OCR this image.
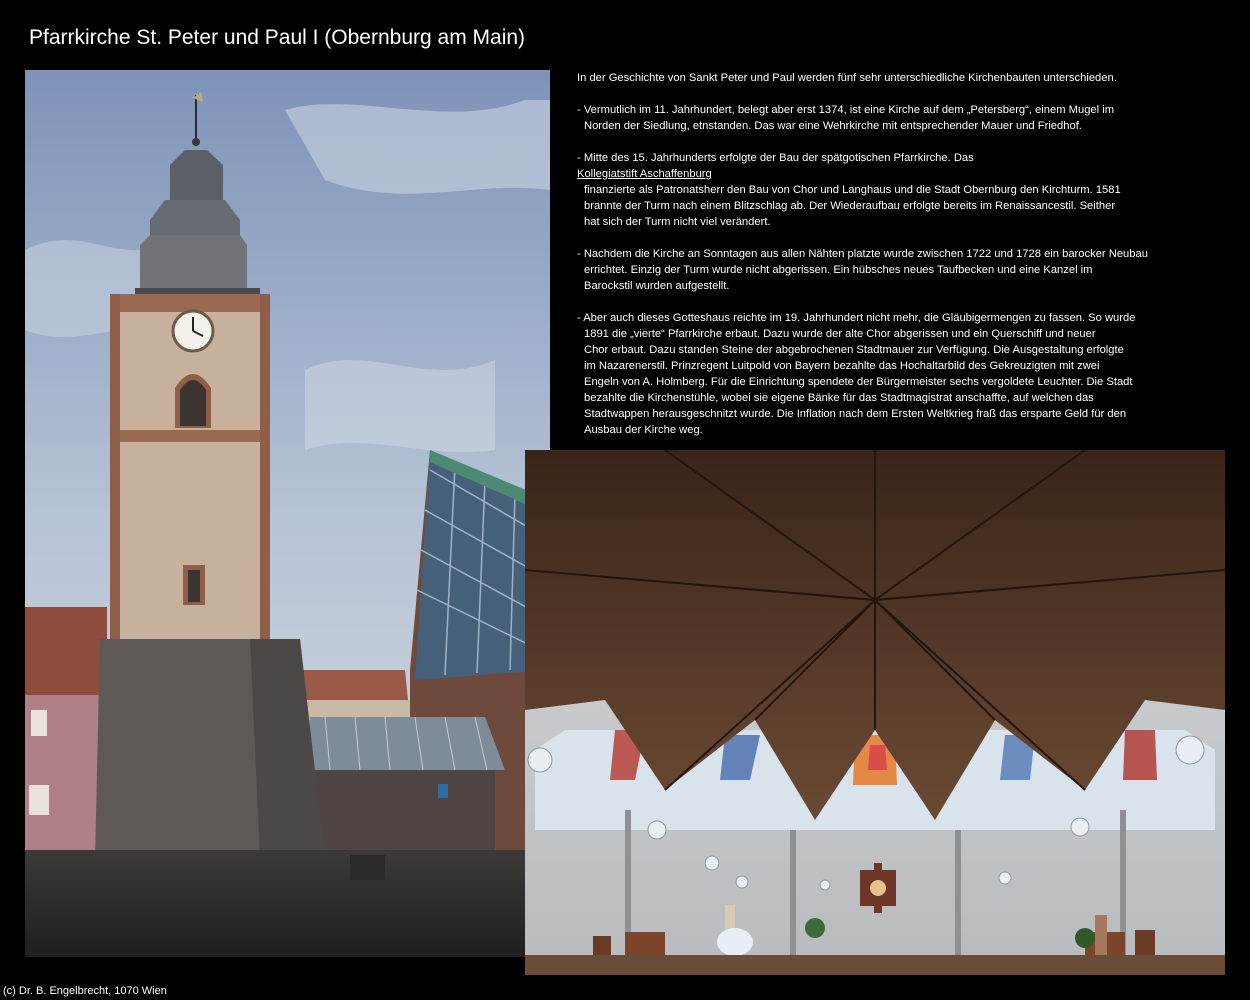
Pfarrkirche St. Peter und Paul I (Obernburg am Main)

In der Geschichte von Sankt Peter und Paul werden fünf sehr unterschiedliche Kirchenbauten unterschieden.

- Vermutlich im 11. Jahrhundert, belegt aber erst 1374, ist eine Kirche auf dem „Petersberg“, einem Mugel im
Norden der Siedlung, etnstanden. Das war eine Wehrkirche mit entsprechender Mauer und Friedhof.

- Mitte des 15. Jahrhunderts erfolgte der Bau der spätgotischen Pfarrkirche. Das
Kollegiatstift Aschaffenburg
finanzierte als Patronatsherr den Bau von Chor und Langhaus und die Stadt Obernburg den Kirchturm. 1581
brannte der Turm nach einem Blitzschlag ab. Der Wiederaufbau erfolgte bereits im Renaissancestil. Seither
hat sich der Turm nicht viel verändert.

- Nachdem die Kirche an Sonntagen aus allen Nähten platzte wurde zwischen 1722 und 1728 ein barocker Neubau
errichtet. Einzig der Turm wurde nicht abgerissen. Ein hübsches neues Taufbecken und eine Kanzel im
Barockstil wurden aufgestellt.

- Aber auch dieses Gotteshaus reichte im 19. Jahrhundert nicht mehr, die Gläubigermengen zu fassen. So wurde
1891 die „vierte“ Pfarrkirche erbaut. Dazu wurde der alte Chor abgerissen und ein Querschiff und neuer
Chor erbaut. Dazu standen Steine der abgebrochenen Stadtmauer zur Verfügung. Die Ausgestaltung erfolgte
im Nazarenerstil. Prinzregent Luitpold von Bayern bezahlte das Hochaltarbild des Gekreuzigten mit zwei
Engeln von A. Holmberg. Für die Einrichtung spendete der Bürgermeister sechs vergoldete Leuchter. Die Stadt
bezahlte die Kirchenstühle, wobei sie eigene Bänke für das Stadtmagistrat anschaffte, auf welchen das
Stadtwappen herausgeschnitzt wurde. Die Inflation nach dem Ersten Weltkrieg fraß das ersparte Geld für den
Ausbau der Kirche weg.

(c) Dr. B. Engelbrecht, 1070 Wien
